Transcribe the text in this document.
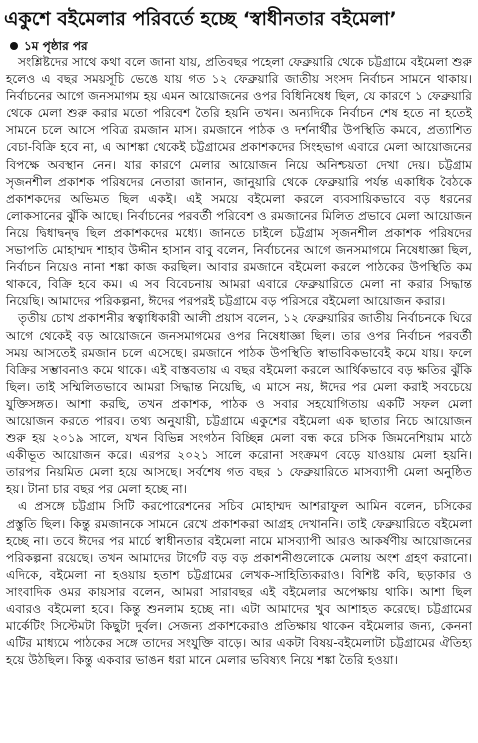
একুশে বইমেলার পরিবর্তে হচ্ছে ‘স্বাধীনতার বইমেলা’
১ম পৃষ্ঠার পর

সংশ্লিষ্টদের সাথে কথা বলে জানা যায়, প্রতিবছর পহেলা ফেব্রুয়ারি থেকে চট্টগ্রামে বইমেলা শুরু হলেও এ বছর সময়সূচি ভেঙে যায় গত ১২ ফেব্রুয়ারি জাতীয় সংসদ নির্বাচন সামনে থাকায়। নির্বাচনের আগে জনসমাগম হয় এমন আয়োজনের ওপর বিধিনিষেধ ছিল, যে কারণে ১ ফেব্রুয়ারি থেকে মেলা শুরু করার মতো পরিবেশ তৈরি হয়নি তখন। অন্যদিকে নির্বাচন শেষ হতে না হতেই সামনে চলে আসে পবিত্র রমজান মাস। রমজানে পাঠক ও দর্শনার্থীর উপস্থিতি কমবে, প্রত্যাশিত বেচা-বিক্রি হবে না, এ আশঙ্কা থেকেই চট্টগ্রামের প্রকাশকদের সিংহভাগ এবারে মেলা আয়োজনের বিপক্ষে অবস্থান নেন। যার কারণে মেলার আয়োজন নিয়ে অনিশ্চয়তা দেখা দেয়। চট্টগ্রাম সৃজনশীল প্রকাশক পরিষদের নেতারা জানান, জানুয়ারি থেকে ফেব্রুয়ারি পর্যন্ত একাধিক বৈঠকে প্রকাশকদের অভিমত ছিল একই। এই সময়ে বইমেলা করলে ব্যবসায়িকভাবে বড় ধরনের লোকসানের ঝুঁকি আছে। নির্বাচনের পরবর্তী পরিবেশ ও রমজানের মিলিত প্রভাবে মেলা আয়োজন নিয়ে দ্বিধাদ্বন্দ্ব ছিল প্রকাশকদের মধ্যে। জানতে চাইলে চট্টগ্রাম সৃজনশীল প্রকাশক পরিষদের সভাপতি মোহাম্মদ শাহাব উদ্দীন হাসান বাবু বলেন, নির্বাচনের আগে জনসমাগমে নিষেধাজ্ঞা ছিল, নির্বাচন নিয়েও নানা শঙ্কা কাজ করছিল। আবার রমজানে বইমেলা করলে পাঠকের উপস্থিতি কম থাকবে, বিক্রি হবে কম। এ সব বিবেচনায় আমরা এবারে ফেব্রুয়ারিতে মেলা না করার সিদ্ধান্ত নিয়েছি। আমাদের পরিকল্পনা, ঈদের পরপরই চট্টগ্রামে বড় পরিসরে বইমেলা আয়োজন করার।

তৃতীয় চোখ প্রকাশনীর স্বত্বাধিকারী আলী প্রয়াস বলেন, ১২ ফেব্রুয়ারির জাতীয় নির্বাচনকে ঘিরে আগে থেকেই বড় আয়োজনে জনসমাগমের ওপর নিষেধাজ্ঞা ছিল। তার ওপর নির্বাচন পরবর্তী সময় আসতেই রমজান চলে এসেছে। রমজানে পাঠক উপস্থিতি স্বাভাবিকভাবেই কমে যায়। ফলে বিক্রির সম্ভাবনাও কমে থাকে। এই বাস্তবতায় এ বছর বইমেলা করলে আর্থিকভাবে বড় ক্ষতির ঝুঁকি ছিল। তাই সম্মিলিতভাবে আমরা সিদ্ধান্ত নিয়েছি, এ মাসে নয়, ঈদের পর মেলা করাই সবচেয়ে যুক্তিসঙ্গত। আশা করছি, তখন প্রকাশক, পাঠক ও সবার সহযোগিতায় একটি সফল মেলা আয়োজন করতে পারব। তথ্য অনুযায়ী, চট্টগ্রামে একুশের বইমেলা এক ছাতার নিচে আয়োজন শুরু হয় ২০১৯ সালে, যখন বিভিন্ন সংগঠন বিচ্ছিন্ন মেলা বন্ধ করে চসিক জিমনেশিয়াম মাঠে একীভূত আয়োজন করে। এরপর ২০২১ সালে করোনা সংক্রমণ বেড়ে যাওয়ায় মেলা হয়নি। তারপর নিয়মিত মেলা হয়ে আসছে। সর্বশেষ গত বছর ১ ফেব্রুয়ারিতে মাসব্যাপী মেলা অনুষ্ঠিত হয়। টানা চার বছর পর মেলা হচ্ছে না।

এ প্রসঙ্গে চট্টগ্রাম সিটি করপোরেশনের সচিব মোহাম্মদ আশরাফুল আমিন বলেন, চসিকের প্রস্তুতি ছিল। কিন্তু রমজানকে সামনে রেখে প্রকাশকরা আগ্রহ দেখাননি। তাই ফেব্রুয়ারিতে বইমেলা হচ্ছে না। তবে ঈদের পর মার্চে স্বাধীনতার বইমেলা নামে মাসব্যাপী আরও আকর্ষণীয় আয়োজনের পরিকল্পনা রয়েছে। তখন আমাদের টার্গেট বড় বড় প্রকাশনীগুলোকে মেলায় অংশ গ্রহণ করানো। এদিকে, বইমেলা না হওয়ায় হতাশ চট্টগ্রামের লেখক-সাহিত্যিকরাও। বিশিষ্ট কবি, ছড়াকার ও সাংবাদিক ওমর কায়সার বলেন, আমরা সারাবছর এই বইমেলার অপেক্ষায় থাকি। আশা ছিল এবারও বইমেলা হবে। কিন্তু শুনলাম হচ্ছে না। এটা আমাদের খুব আশাহত করেছে। চট্টগ্রামের মার্কেটিং সিস্টেমটা কিছুটা দুর্বল। সেজন্য প্রকাশকেরাও প্রতিক্ষায় থাকেন বইমেলার জন্য, কেননা এটির মাধ্যমে পাঠকের সঙ্গে তাদের সংযুক্তি বাড়ে। আর একটা বিষয়-বইমেলাটা চট্টগ্রামের ঐতিহ্য হয়ে উঠছিল। কিন্তু একবার ভাঙন ধরা মানে মেলার ভবিষ্যৎ নিয়ে শঙ্কা তৈরি হওয়া।
